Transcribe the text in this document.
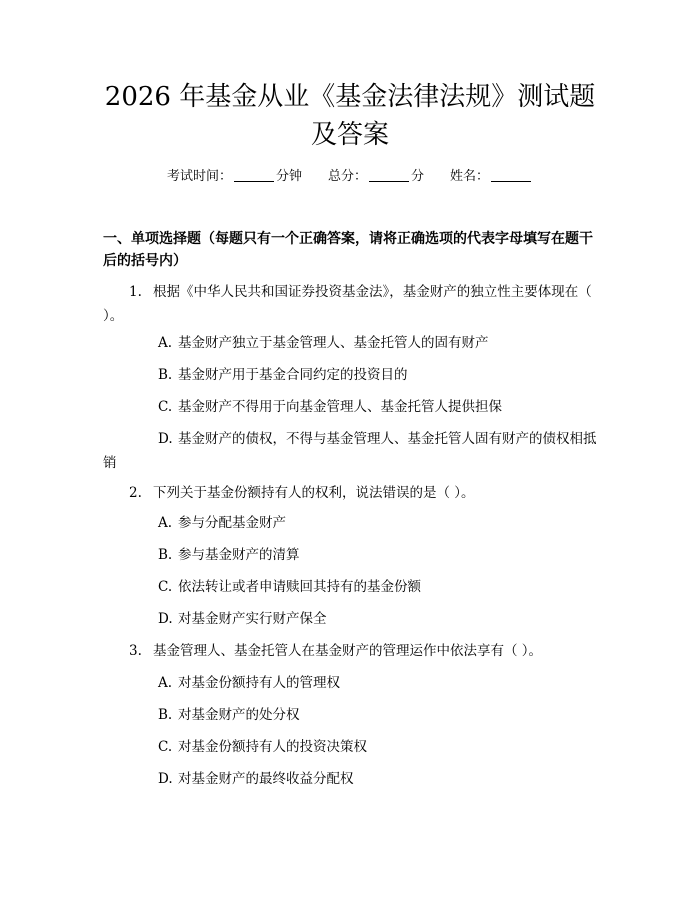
2026 年基金从业《基金法律法规》测试题及答案
考试时间：	分钟 总分：	分 姓名：
一、单项选择题（每题只有一个正确答案，请将正确选项的代表字母填写在题干后的括号内）
1. 根据《中华人民共和国证券投资基金法》，基金财产的独立性主要体现在（ ）。
A. 基金财产独立于基金管理人、基金托管人的固有财产
B. 基金财产用于基金合同约定的投资目的
C. 基金财产不得用于向基金管理人、基金托管人提供担保
D. 基金财产的债权，不得与基金管理人、基金托管人固有财产的债权相抵销
2. 下列关于基金份额持有人的权利，说法错误的是（ ）。
A. 参与分配基金财产
B. 参与基金财产的清算
C. 依法转让或者申请赎回其持有的基金份额
D. 对基金财产实行财产保全
3. 基金管理人、基金托管人在基金财产的管理运作中依法享有（ ）。
A. 对基金份额持有人的管理权
B. 对基金财产的处分权
C. 对基金份额持有人的投资决策权
D. 对基金财产的最终收益分配权
